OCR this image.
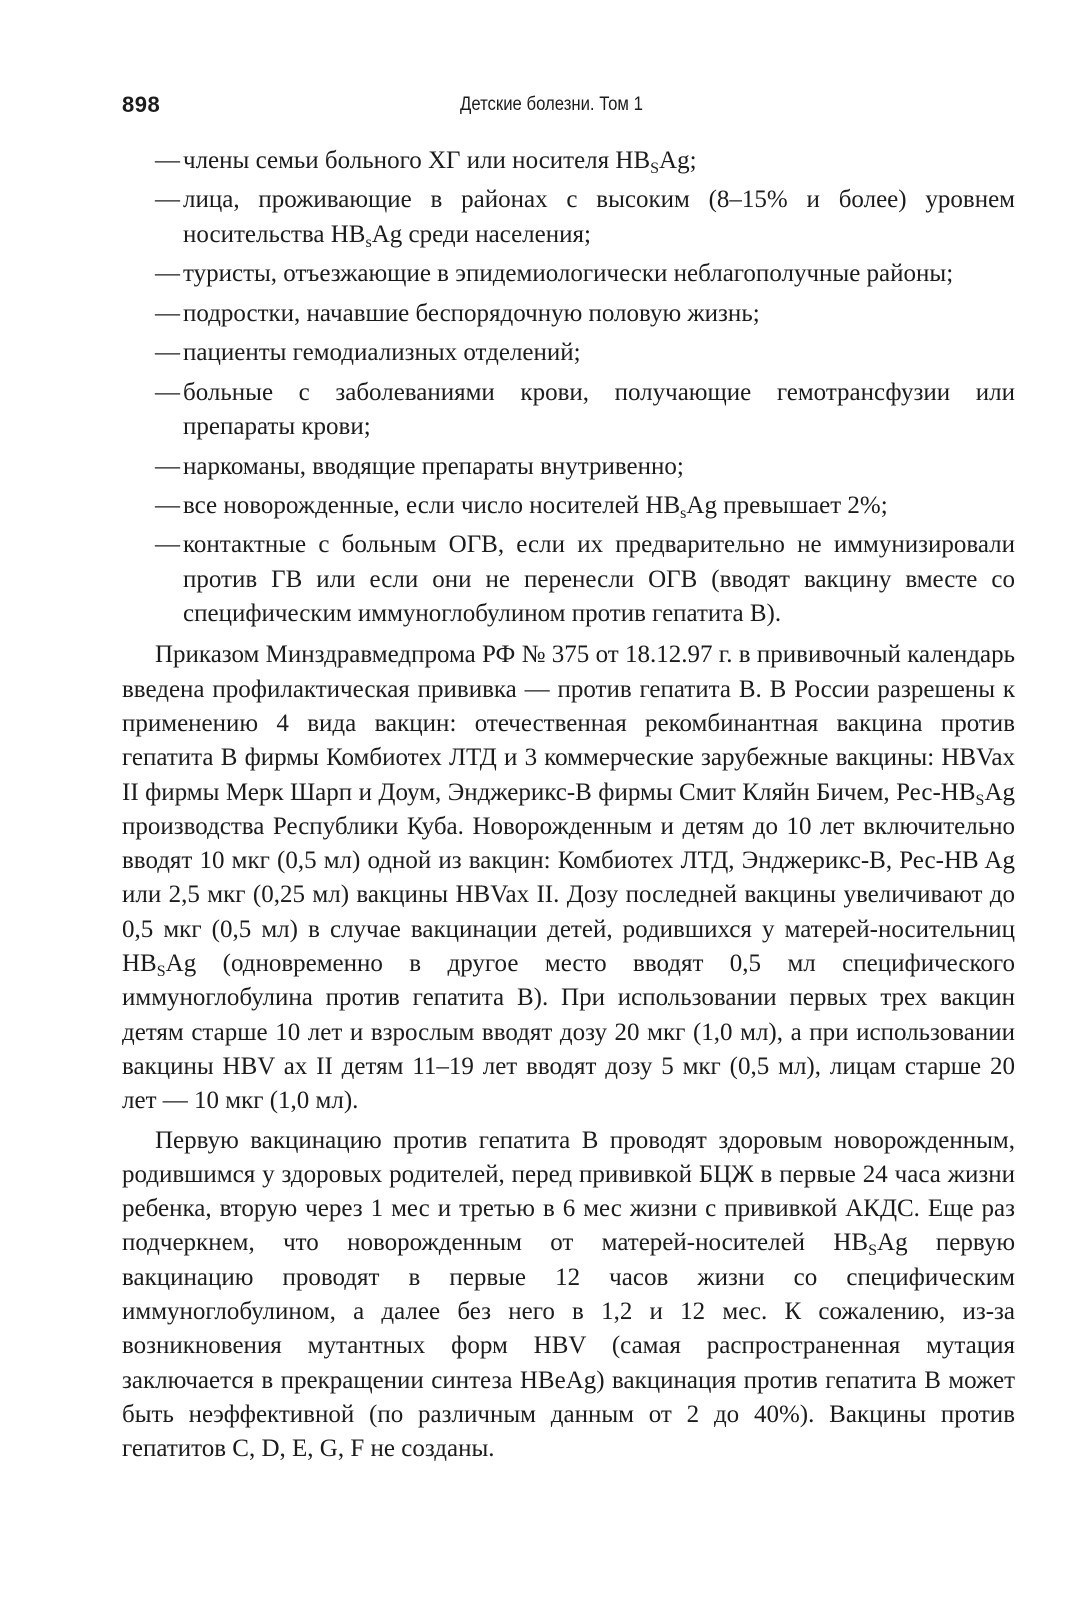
898	Детские болезни. Том 1
— члены семьи больного ХГ или носителя $HB_SAg$;
— лица, проживающие в районах с высоким (8–15% и более) уровнем носительства $HB_sAg$ среди населения;
— туристы, отъезжающие в эпидемиологически неблагополучные районы;
— подростки, начавшие беспорядочную половую жизнь;
— пациенты гемодиализных отделений;
— больные с заболеваниями крови, получающие гемотрансфузии или препараты крови;
— наркоманы, вводящие препараты внутривенно;
— все новорожденные, если число носителей $HB_sAg$ превышает 2%;
— контактные с больным ОГВ, если их предварительно не иммунизировали против ГВ или если они не перенесли ОГВ (вводят вакцину вместе со специфическим иммуноглобулином против гепатита В).

Приказом Минздравмедпрома РФ № 375 от 18.12.97 г. в прививочный календарь введена профилактическая прививка — против гепатита В. В России разрешены к применению 4 вида вакцин: отечественная рекомбинантная вакцина против гепатита В фирмы Комбиотех ЛТД и 3 коммерческие зарубежные вакцины: HBVax II фирмы Мерк Шарп и Доум, Энджерикс-В фирмы Смит Кляйн Бичем, Рес-$HB_SAg$ производства Республики Куба. Новорожденным и детям до 10 лет включительно вводят 10 мкг (0,5 мл) одной из вакцин: Комбиотех ЛТД, Энджерикс-В, Рес-HB Ag или 2,5 мкг (0,25 мл) вакцины HBVax II. Дозу последней вакцины увеличивают до 0,5 мкг (0,5 мл) в случае вакцинации детей, родившихся у матерей-носительниц $HB_SAg$ (одновременно в другое место вводят 0,5 мл специфического иммуноглобулина против гепатита В). При использовании первых трех вакцин детям старше 10 лет и взрослым вводят дозу 20 мкг (1,0 мл), а при использовании вакцины HBV ах II детям 11–19 лет вводят дозу 5 мкг (0,5 мл), лицам старше 20 лет — 10 мкг (1,0 мл).

Первую вакцинацию против гепатита В проводят здоровым новорожденным, родившимся у здоровых родителей, перед прививкой БЦЖ в первые 24 часа жизни ребенка, вторую через 1 мес и третью в 6 мес жизни с прививкой АКДС. Еще раз подчеркнем, что новорожденным от матерей-носителей $HB_SAg$ первую вакцинацию проводят в первые 12 часов жизни со специфическим иммуноглобулином, а далее без него в 1,2 и 12 мес. К сожалению, из-за возникновения мутантных форм HBV (самая распространенная мутация заключается в прекращении синтеза HBeAg) вакцинация против гепатита В может быть неэффективной (по различным данным от 2 до 40%). Вакцины против гепатитов С, D, Е, G, F не созданы.
